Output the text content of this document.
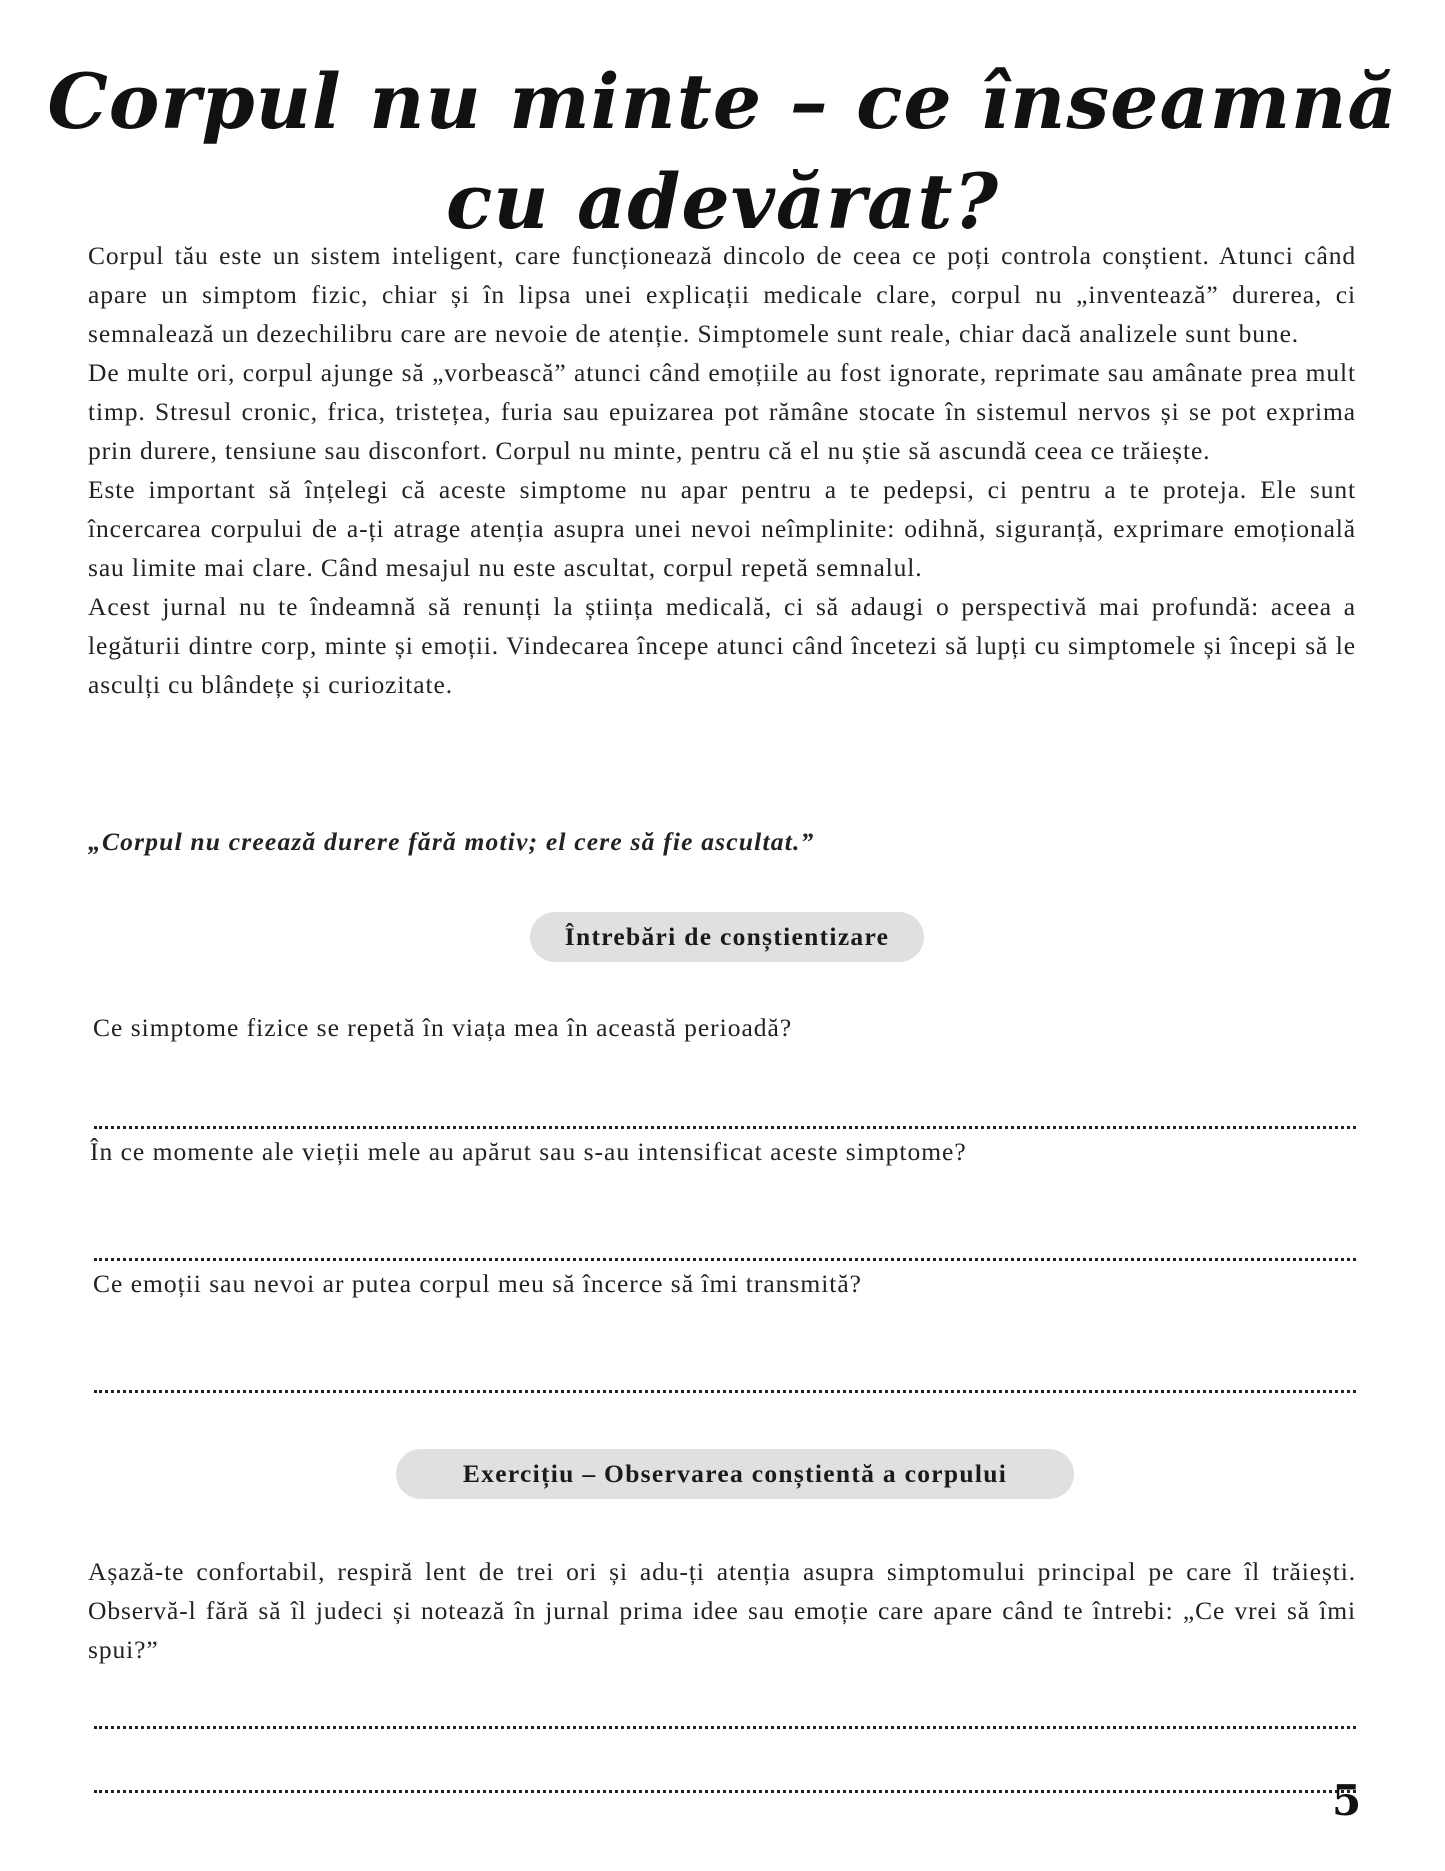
Corpul nu minte – ce înseamnă cu adevărat?

Corpul tău este un sistem inteligent, care funcționează dincolo de ceea ce poți controla conștient. Atunci când apare un simptom fizic, chiar și în lipsa unei explicații medicale clare, corpul nu „inventează” durerea, ci semnalează un dezechilibru care are nevoie de atenție. Simptomele sunt reale, chiar dacă analizele sunt bune.

De multe ori, corpul ajunge să „vorbească” atunci când emoțiile au fost ignorate, reprimate sau amânate prea mult timp. Stresul cronic, frica, tristețea, furia sau epuizarea pot rămâne stocate în sistemul nervos și se pot exprima prin durere, tensiune sau disconfort. Corpul nu minte, pentru că el nu știe să ascundă ceea ce trăiește.

Este important să înțelegi că aceste simptome nu apar pentru a te pedepsi, ci pentru a te proteja. Ele sunt încercarea corpului de a-ți atrage atenția asupra unei nevoi neîmplinite: odihnă, siguranță, exprimare emoțională sau limite mai clare. Când mesajul nu este ascultat, corpul repetă semnalul.

Acest jurnal nu te îndeamnă să renunți la știința medicală, ci să adaugi o perspectivă mai profundă: aceea a legăturii dintre corp, minte și emoții. Vindecarea începe atunci când încetezi să lupți cu simptomele și începi să le asculți cu blândețe și curiozitate.

„Corpul nu creează durere fără motiv; el cere să fie ascultat.”
Întrebări de conștientizare
Ce simptome fizice se repetă în viața mea în această perioadă?
În ce momente ale vieții mele au apărut sau s-au intensificat aceste simptome?
Ce emoții sau nevoi ar putea corpul meu să încerce să îmi transmită?
Exercițiu – Observarea conștientă a corpului
Așază-te confortabil, respiră lent de trei ori și adu-ți atenția asupra simptomului principal pe care îl trăiești. Observă-l fără să îl judeci și notează în jurnal prima idee sau emoție care apare când te întrebi: „Ce vrei să îmi spui?”
5
